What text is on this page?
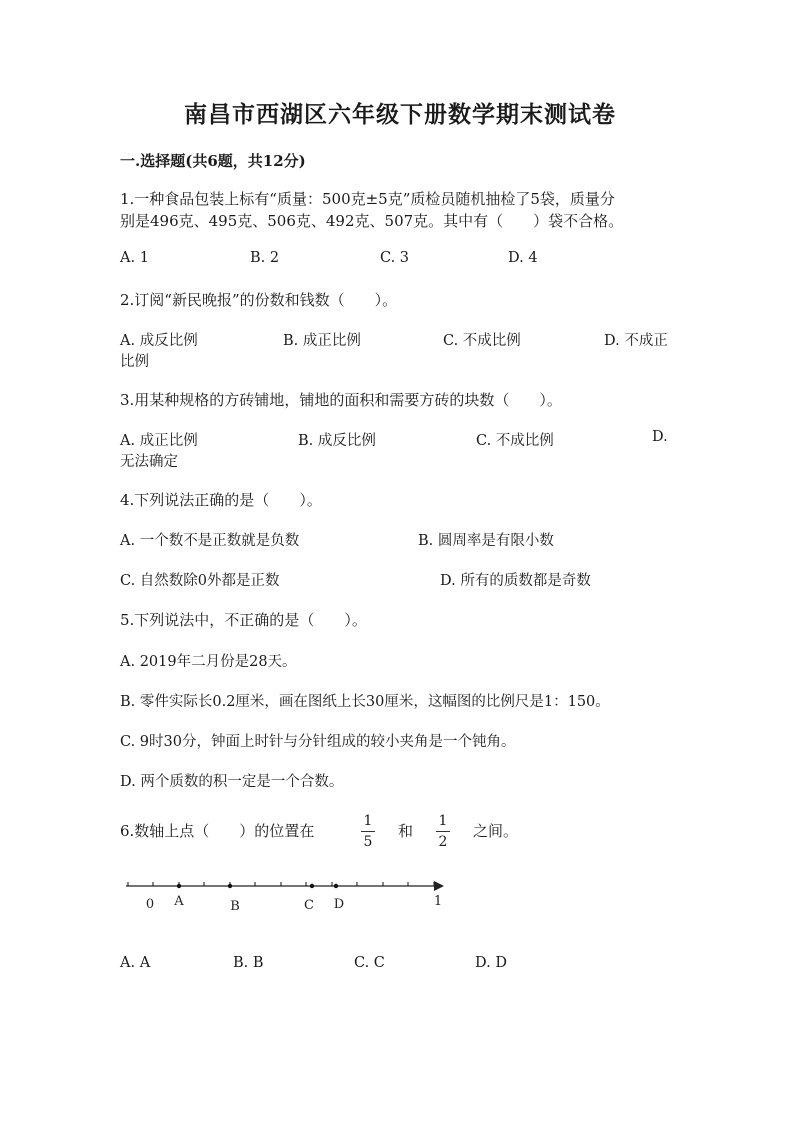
南昌市西湖区六年级下册数学期末测试卷
一.选择题(共6题，共12分)
1.一种食品包装上标有“质量：500克±5克”质检员随机抽检了5袋，质量分
别是496克、495克、506克、492克、507克。其中有（　　）袋不合格。
A. 1	B. 2	C. 3	D. 4
2.订阅“新民晚报”的份数和钱数（　　）。
A. 成反比例	B. 成正比例	C. 不成比例	D. 不成正
比例
3.用某种规格的方砖铺地，铺地的面积和需要方砖的块数（　　）。
A. 成正比例	B. 成反比例	C. 不成比例	D.
无法确定
4.下列说法正确的是（　　）。
A. 一个数不是正数就是负数	B. 圆周率是有限小数
C. 自然数除0外都是正数	D. 所有的质数都是奇数
5.下列说法中，不正确的是（　　）。
A. 2019年二月份是28天。
B. 零件实际长0.2厘米，画在图纸上长30厘米，这幅图的比例尺是1：150。
C. 9时30分，钟面上时针与分针组成的较小夹角是一个钝角。
D. 两个质数的积一定是一个合数。
6.数轴上点（　　）的位置在
1
5
和
1
2
之间。
0 A	B	C D	1
A. A	B. B	C. C	D. D
